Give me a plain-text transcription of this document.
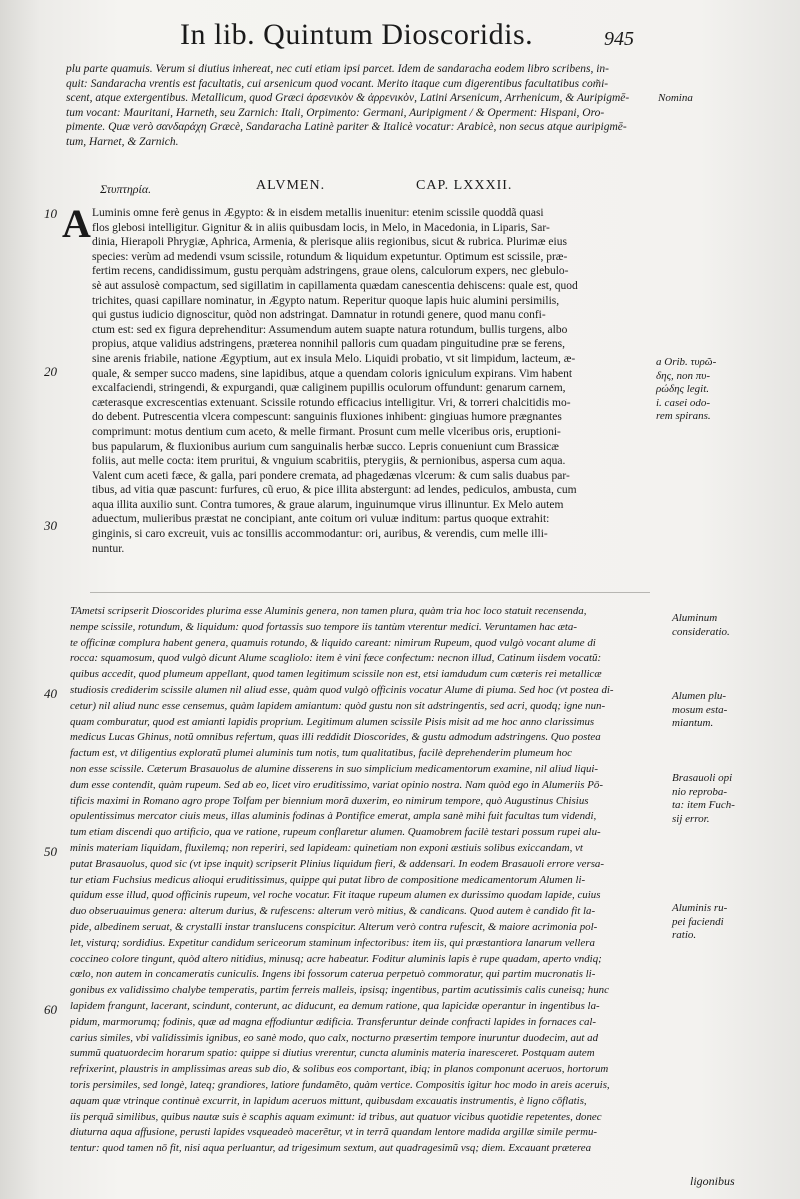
In lib. Quintum Dioscoridis.	945
plu parte quamuis. Verum si diutius inhereat, nec cuti etiam ipsi parcet. Idem de sandaracha eodem libro scribens, in-
quit: Sandaracha vrentis est facultatis, cui arsenicum quod vocant. Merito itaque cum digerentibus facultatibus com̃i-
scent, atque extergentibus. Metallicum, quod Græci ἀρσενικὸν & ἀρρενικὸν, Latini Arsenicum, Arrhenicum, & Auripigmē-
tum vocant: Mauritani, Harneth, seu Zarnich: Itali, Orpimento: Germani, Auripigment / & Operment: Hispani, Oro-
pimente. Quæ verò σανδαράχη Græcè, Sandaracha Latinè pariter & Italicè vocatur: Arabicè, non secus atque auripigmē-
tum, Harnet, & Zarnich.
Nomina
a Orib. τυρῶ-
δης, non πυ-
ρώδης legit.
i. casei odo-
rem spirans.
Aluminum
consideratio.
Alumen plu-
mosum esta-
miantum.
Brasauoli opi
nio reproba-
ta: item Fuch-
sij error.
Aluminis ru-
pei faciendi
ratio.
Στυπτηρία.	ALVMEN.	CAP. LXXXII.
10
20
30
40
50
60
A Luminis omne ferè genus in Ægypto: & in eisdem metallis inuenitur: etenim scissile quoddã quasi
flos glebosi intelligitur. Gignitur & in aliis quibusdam locis, in Melo, in Macedonia, in Liparis, Sar-
dinia, Hierapoli Phrygiæ, Aphrica, Armenia, & plerisque aliis regionibus, sicut & rubrica. Plurimæ eius
species: verùm ad medendi vsum scissile, rotundum & liquidum expetuntur. Optimum est scissile, præ-
fertim recens, candidissimum, gustu perquàm adstringens, graue olens, calculorum expers, nec glebulo-
sè aut assulosè compactum, sed sigillatim in capillamenta quædam canescentia dehiscens: quale est, quod
trichites, quasi capillare nominatur, in Ægypto natum. Reperitur quoque lapis huic alumini persimilis,
qui gustus iudicio dignoscitur, quòd non adstringat. Damnatur in rotundi genere, quod manu confi-
ctum est: sed ex figura deprehenditur: Assumendum autem suapte natura rotundum, bullis turgens, albo
propius, atque validius adstringens, præterea nonnihil palloris cum quadam pinguitudine præ se ferens,
sine arenis friabile, natione Ægyptium, aut ex insula Melo. Liquidi probatio, vt sit limpidum, lacteum, æ-
quale, & semper succo madens, sine lapidibus, atque a quendam coloris igniculum expirans. Vim habent
excalfaciendi, stringendi, & expurgandi, quæ caliginem pupillis oculorum offundunt: genarum carnem,
cæterasque excrescentias extenuant. Scissile rotundo efficacius intelligitur. Vri, & torreri chalcitidis mo-
do debent. Putrescentia vlcera compescunt: sanguinis fluxiones inhibent: gingiuas humore prægnantes
comprimunt: motus dentium cum aceto, & melle firmant. Prosunt cum melle vlceribus oris, eruptioni-
bus papularum, & fluxionibus aurium cum sanguinalis herbæ succo. Lepris conueniunt cum Brassicæ
foliis, aut melle cocta: item pruritui, & vnguium scabritiis, pterygiis, & pernionibus, aspersa cum aqua.
Valent cum aceti fæce, & galla, pari pondere cremata, ad phagedænas vlcerum: & cum salis duabus par-
tibus, ad vitia quæ pascunt: furfures, cũ eruo, & pice illita abstergunt: ad lendes, pediculos, ambusta, cum
aqua illita auxilio sunt. Contra tumores, & graue alarum, inguinumque virus illinuntur. Ex Melo autem
aduectum, mulieribus præstat ne concipiant, ante coitum ori vuluæ inditum: partus quoque extrahit:
ginginis, si caro excreuit, vuis ac tonsillis accommodantur: ori, auribus, & verendis, cum melle illi-
nuntur.
TAmetsi scripserit Dioscorides plurima esse Aluminis genera, non tamen plura, quàm tria hoc loco statuit recensenda,
nempe scissile, rotundum, & liquidum: quod fortassis suo tempore iis tantùm vterentur medici. Veruntamen hac æta-
te officinæ complura habent genera, quamuis rotundo, & liquido careant: nimirum Rupeum, quod vulgò vocant alume di
rocca: squamosum, quod vulgò dicunt Alume scagliolo: item è vini fæce confectum: necnon illud, Catinum iisdem vocatũ:
quibus accedit, quod plumeum appellant, quod tamen legitimum scissile non est, etsi iamdudum cum cæteris rei metallicæ
studiosis crediderim scissile alumen nil aliud esse, quàm quod vulgò officinis vocatur Alume di piuma. Sed hoc (vt postea di-
cetur) nil aliud nunc esse censemus, quàm lapidem amiantum: quòd gustu non sit adstringentis, sed acri, quodq; igne nun-
quam comburatur, quod est amianti lapidis proprium. Legitimum alumen scissile Pisis misit ad me hoc anno clarissimus
medicus Lucas Ghinus, notũ omnibus refertum, quas illi reddidit Dioscorides, & gustu admodum adstringens. Quo postea
factum est, vt diligentius exploratũ plumei aluminis tum notis, tum qualitatibus, facilè deprehenderim plumeum hoc
non esse scissile. Cæterum Brasauolus de alumine disserens in suo simplicium medicamentorum examine, nil aliud liqui-
dum esse contendit, quàm rupeum. Sed ab eo, licet viro eruditissimo, variat opinio nostra. Nam quòd ego in Alumeriis Pō-
tificis maximi in Romano agro prope Tolfam per biennium morã duxerim, eo nimirum tempore, quò Augustinus Chisius
opulentissimus mercator ciuis meus, illas aluminis fodinas à Pontifice emerat, ampla sanè mihi fuit facultas tum videndi,
tum etiam discendi quo artificio, qua ve ratione, rupeum conflaretur alumen. Quamobrem facilè testari possum rupei alu-
minis materiam liquidam, fluxilemq; non reperiri, sed lapideam: quinetiam non exponi æstiuis solibus exiccandam, vt
putat Brasauolus, quod sic (vt ipse inquit) scripserit Plinius liquidum fieri, & addensari. In eodem Brasauoli errore versa-
tur etiam Fuchsius medicus alioqui eruditissimus, quippe qui putat libro de compositione medicamentorum Alumen li-
quidum esse illud, quod officinis rupeum, vel roche vocatur. Fit itaque rupeum alumen ex durissimo quodam lapide, cuius
duo obseruauimus genera: alterum durius, & rufescens: alterum verò mitius, & candicans. Quod autem è candido fit la-
pide, albedinem seruat, & crystalli instar translucens conspicitur. Alterum verò contra rufescit, & maiore acrimonia pol-
let, visturq; sordidius. Expetitur candidum sericeorum staminum infectoribus: item iis, qui præstantiora lanarum vellera
coccineo colore tingunt, quòd altero nitidius, minusq; acre habeatur. Foditur aluminis lapis è rupe quadam, aperto vndiq;
cœlo, non autem in concameratis cuniculis. Ingens ibi fossorum caterua perpetuò commoratur, qui partim mucronatis li-
gonibus ex validissimo chalybe temperatis, partim ferreis malleis, ipsisq; ingentibus, partim acutissimis calis cuneisq; hunc
lapidem frangunt, lacerant, scindunt, conterunt, ac diducunt, ea demum ratione, qua lapicidæ operantur in ingentibus la-
pidum, marmorumq; fodinis, quæ ad magna effodiuntur ædificia. Transferuntur deinde confracti lapides in fornaces cal-
carius similes, vbi validissimis ignibus, eo sanè modo, quo calx, nocturno præsertim tempore inuruntur duodecim, aut ad
summũ quatuordecim horarum spatio: quippe si diutius vrerentur, cuncta aluminis materia inaresceret. Postquam autem
refrixerint, plaustris in amplissimas areas sub dio, & solibus eos comportant, ibiq; in planos componunt aceruos, hortorum
toris persimiles, sed longè, lateq; grandiores, latiore fundamẽto, quàm vertice. Compositis igitur hoc modo in areis aceruis,
aquam quæ vtrinque continuè excurrit, in lapidum aceruos mittunt, quibusdam excauatis instrumentis, è ligno cōflatis,
iis perquã similibus, quibus nautæ suis è scaphis aquam eximunt: id tribus, aut quatuor vicibus quotidie repetentes, donec
diuturna aqua affusione, perusti lapides vsqueadeò macerẽtur, vt in terrã quandam lentore madida argillæ simile permu-
tentur: quod tamen nō fit, nisi aqua perluantur, ad trigesimum sextum, aut quadragesimũ vsq; diem. Excauant præterea
ligonibus
